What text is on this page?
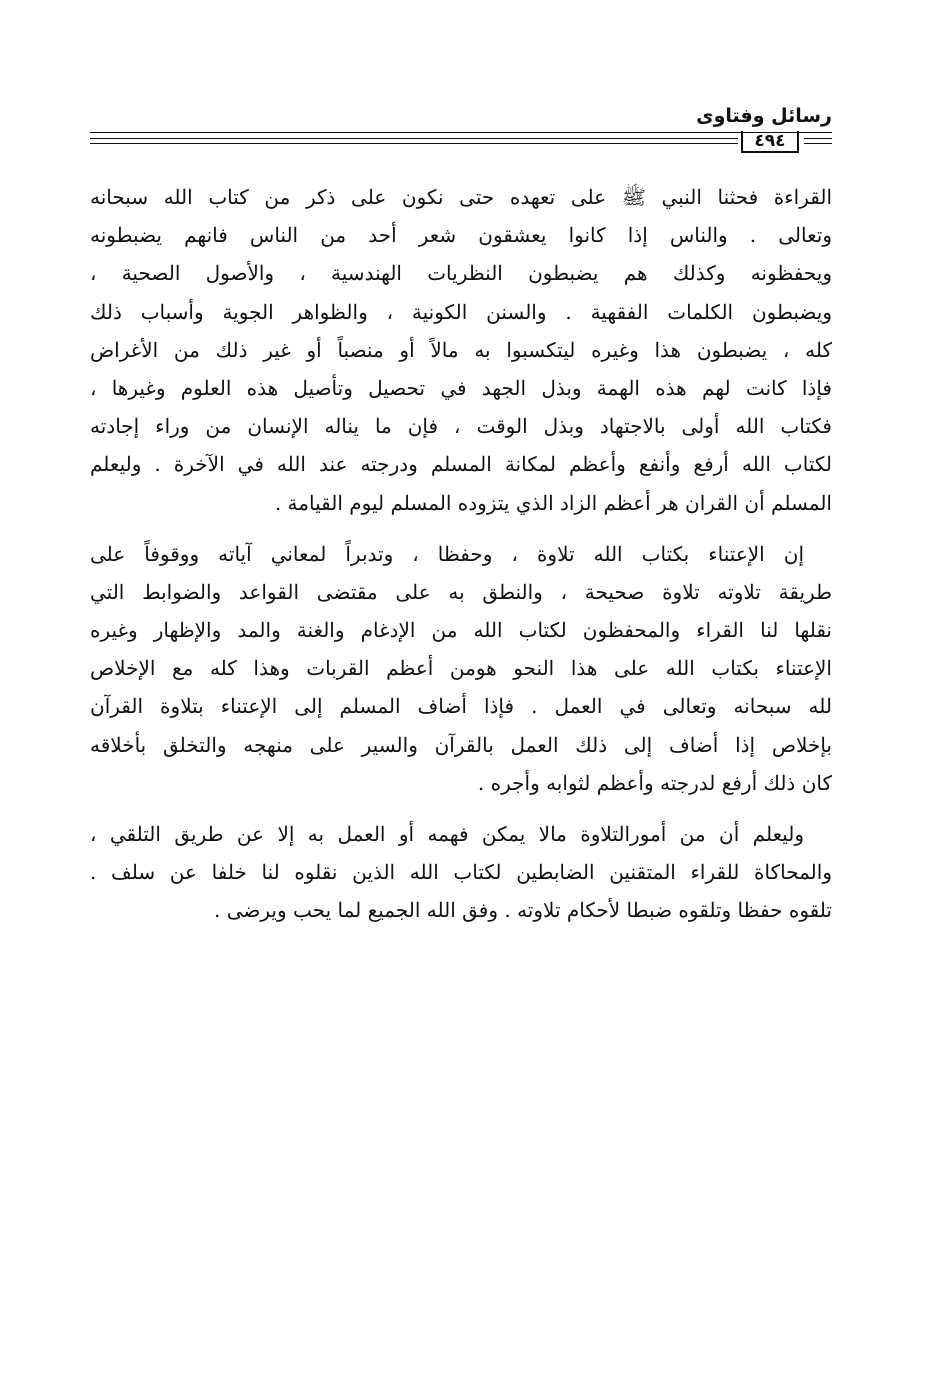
رسائل وفتاوى
٤٩٤
القراءة فحثنا النبي ﷺ على تعهده حتى نكون على ذكر من كتاب الله سبحانه
وتعالى . والناس إذا كانوا يعشقون شعر أحد من الناس فانهم يضبطونه
ويحفظونه وكذلك هم يضبطون النظريات الهندسية ، والأصول الصحية ،
ويضبطون الكلمات الفقهية . والسنن الكونية ، والظواهر الجوية وأسباب ذلك
كله ، يضبطون هذا وغيره ليتكسبوا به مالاً أو منصباً أو غير ذلك من الأغراض
فإذا كانت لهم هذه الهمة وبذل الجهد في تحصيل وتأصيل هذه العلوم وغيرها ،
فكتاب الله أولى بالاجتهاد وبذل الوقت ، فإن ما يناله الإنسان من وراء إجادته
لكتاب الله أرفع وأنفع وأعظم لمكانة المسلم ودرجته عند الله في الآخرة . وليعلم
المسلم أن القران هر أعظم الزاد الذي يتزوده المسلم ليوم القيامة .
إن الإعتناء بكتاب الله تلاوة ، وحفظا ، وتدبراً لمعاني آياته ووقوفاً على
طريقة تلاوته تلاوة صحيحة ، والنطق به على مقتضى القواعد والضوابط التي
نقلها لنا القراء والمحفظون لكتاب الله من الإدغام والغنة والمد والإظهار وغيره
الإعتناء بكتاب الله على هذا النحو هومن أعظم القربات وهذا كله مع الإخلاص
لله سبحانه وتعالى في العمل . فإذا أضاف المسلم إلى الإعتناء بتلاوة القرآن
بإخلاص إذا أضاف إلى ذلك العمل بالقرآن والسير على منهجه والتخلق بأخلاقه
كان ذلك أرفع لدرجته وأعظم لثوابه وأجره .
وليعلم أن من أمورالتلاوة مالا يمكن فهمه أو العمل به إلا عن طريق التلقي ،
والمحاكاة للقراء المتقنين الضابطين لكتاب الله الذين نقلوه لنا خلفا عن سلف .
تلقوه حفظا وتلقوه ضبطا لأحكام تلاوته . وفق الله الجميع لما يحب ويرضى .
